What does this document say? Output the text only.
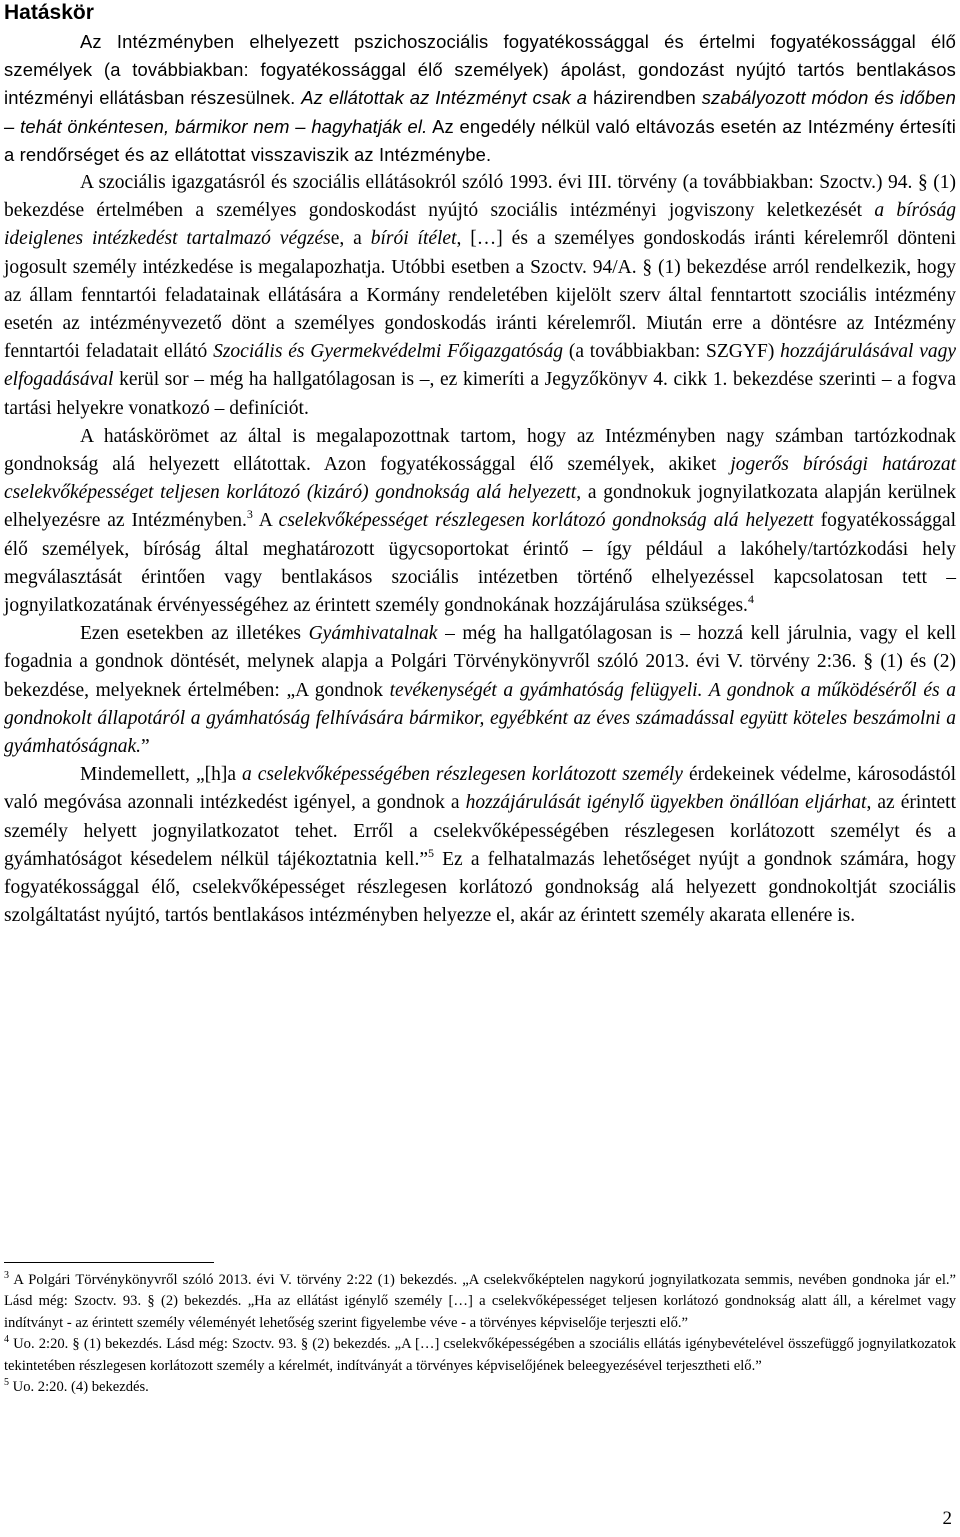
Hatáskör

Az Intézményben elhelyezett pszichoszociális fogyatékossággal és értelmi fogyatékossággal élő személyek (a továbbiakban: fogyatékossággal élő személyek) ápolást, gondozást nyújtó tartós bentlakásos intézményi ellátásban részesülnek. Az ellátottak az Intézményt csak a házirendben szabályozott módon és időben – tehát önkéntesen, bármikor nem – hagyhatják el. Az engedély nélkül való eltávozás esetén az Intézmény értesíti a rendőrséget és az ellátottat visszaviszik az Intézménybe.

A szociális igazgatásról és szociális ellátásokról szóló 1993. évi III. törvény (a továbbiakban: Szoctv.) 94. § (1) bekezdése értelmében a személyes gondoskodást nyújtó szociális intézményi jogviszony keletkezését a bíróság ideiglenes intézkedést tartalmazó végzése, a bírói ítélet, […] és a személyes gondoskodás iránti kérelemről dönteni jogosult személy intézkedése is megalapozhatja. Utóbbi esetben a Szoctv. 94/A. § (1) bekezdése arról rendelkezik, hogy az állam fenntartói feladatainak ellátására a Kormány rendeletében kijelölt szerv által fenntartott szociális intézmény esetén az intézményvezető dönt a személyes gondoskodás iránti kérelemről. Miután erre a döntésre az Intézmény fenntartói feladatait ellátó Szociális és Gyermekvédelmi Főigazgatóság (a továbbiakban: SZGYF) hozzájárulásával vagy elfogadásával kerül sor – még ha hallgatólagosan is –, ez kimeríti a Jegyzőkönyv 4. cikk 1. bekezdése szerinti – a fogva tartási helyekre vonatkozó – definíciót.

A hatáskörömet az által is megalapozottnak tartom, hogy az Intézményben nagy számban tartózkodnak gondnokság alá helyezett ellátottak. Azon fogyatékossággal élő személyek, akiket jogerős bírósági határozat cselekvőképességet teljesen korlátozó (kizáró) gondnokság alá helyezett, a gondnokuk jognyilatkozata alapján kerülnek elhelyezésre az Intézményben.$^3$ A cselekvőképességet részlegesen korlátozó gondnokság alá helyezett fogyatékossággal élő személyek, bíróság által meghatározott ügycsoportokat érintő – így például a lakóhely/tartózkodási hely megválasztását érintően vagy bentlakásos szociális intézetben történő elhelyezéssel kapcsolatosan tett – jognyilatkozatának érvényességéhez az érintett személy gondnokának hozzájárulása szükséges.$^4$

Ezen esetekben az illetékes Gyámhivatalnak – még ha hallgatólagosan is – hozzá kell járulnia, vagy el kell fogadnia a gondnok döntését, melynek alapja a Polgári Törvénykönyvről szóló 2013. évi V. törvény 2:36. § (1) és (2) bekezdése, melyeknek értelmében: „A gondnok tevékenységét a gyámhatóság felügyeli. A gondnok a működéséről és a gondnokolt állapotáról a gyámhatóság felhívására bármikor, egyébként az éves számadással együtt köteles beszámolni a gyámhatóságnak.”

Mindemellett, „[h]a a cselekvőképességében részlegesen korlátozott személy érdekeinek védelme, károsodástól való megóvása azonnali intézkedést igényel, a gondnok a hozzájárulását igénylő ügyekben önállóan eljárhat, az érintett személy helyett jognyilatkozatot tehet. Erről a cselekvőképességében részlegesen korlátozott személyt és a gyámhatóságot késedelem nélkül tájékoztatnia kell.”$^5$ Ez a felhatalmazás lehetőséget nyújt a gondnok számára, hogy fogyatékossággal élő, cselekvőképességet részlegesen korlátozó gondnokság alá helyezett gondnokoltját szociális szolgáltatást nyújtó, tartós bentlakásos intézményben helyezze el, akár az érintett személy akarata ellenére is.

$^3$ A Polgári Törvénykönyvről szóló 2013. évi V. törvény 2:22 (1) bekezdés. „A cselekvőképtelen nagykorú jognyilatkozata semmis, nevében gondnoka jár el.” Lásd még: Szoctv. 93. § (2) bekezdés. „Ha az ellátást igénylő személy […] a cselekvőképességet teljesen korlátozó gondnokság alatt áll, a kérelmet vagy indítványt - az érintett személy véleményét lehetőség szerint figyelembe véve - a törvényes képviselője terjeszti elő.”

$^4$ Uo. 2:20. § (1) bekezdés. Lásd még: Szoctv. 93. § (2) bekezdés. „A […] cselekvőképességében a szociális ellátás igénybevételével összefüggő jognyilatkozatok tekintetében részlegesen korlátozott személy a kérelmét, indítványát a törvényes képviselőjének beleegyezésével terjesztheti elő.”

$^5$ Uo. 2:20. (4) bekezdés.

2
